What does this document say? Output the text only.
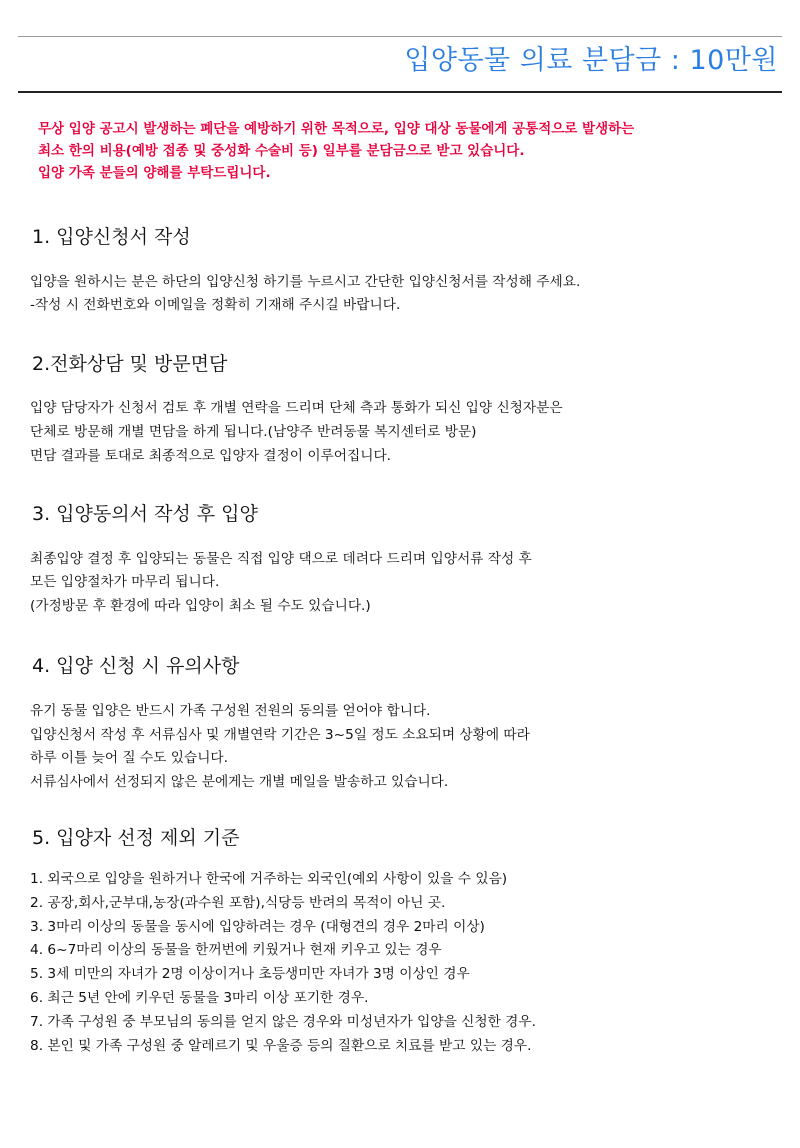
입양동물 의료 분담금 : 10만원
무상 입양 공고시 발생하는 폐단을 예방하기 위한 목적으로, 입양 대상 동물에게 공통적으로 발생하는
최소 한의 비용(예방 접종 및 중성화 수술비 등) 일부를 분담금으로 받고 있습니다.
입양 가족 분들의 양해를 부탁드립니다.
1. 입양신청서 작성
입양을 원하시는 분은 하단의 입양신청 하기를 누르시고 간단한 입양신청서를 작성해 주세요.
-작성 시 전화번호와 이메일을 정확히 기재해 주시길 바랍니다.
2.전화상담 및 방문면담
입양 담당자가 신청서 검토 후 개별 연락을 드리며 단체 측과 통화가 되신 입양 신청자분은
단체로 방문해 개별 면담을 하게 됩니다.(남양주 반려동물 복지센터로 방문)
면담 결과를 토대로 최종적으로 입양자 결정이 이루어집니다.
3. 입양동의서 작성 후 입양
최종입양 결정 후 입양되는 동물은 직접 입양 댁으로 데려다 드리며 입양서류 작성 후
모든 입양절차가 마무리 됩니다.
(가정방문 후 환경에 따라 입양이 최소 될 수도 있습니다.)
4. 입양 신청 시 유의사항
유기 동물 입양은 반드시 가족 구성원 전원의 동의를 얻어야 합니다.
입양신청서 작성 후 서류심사 및 개별연락 기간은 3~5일 정도 소요되며 상황에 따라
하루 이틀 늦어 질 수도 있습니다.
서류심사에서 선정되지 않은 분에게는 개별 메일을 발송하고 있습니다.
5. 입양자 선정 제외 기준
1. 외국으로 입양을 원하거나 한국에 거주하는 외국인(예외 사항이 있을 수 있음)
2. 공장,회사,군부대,농장(과수원 포함),식당등 반려의 목적이 아닌 곳.
3. 3마리 이상의 동물을 동시에 입양하려는 경우 (대형견의 경우 2마리 이상)
4. 6~7마리 이상의 동물을 한꺼번에 키웠거나 현재 키우고 있는 경우
5. 3세 미만의 자녀가 2명 이상이거나 초등생미만 자녀가 3명 이상인 경우
6. 최근 5년 안에 키우던 동물을 3마리 이상 포기한 경우.
7. 가족 구성원 중 부모님의 동의를 얻지 않은 경우와 미성년자가 입양을 신청한 경우.
8. 본인 및 가족 구성원 중 알레르기 및 우울증 등의 질환으로 치료를 받고 있는 경우.
